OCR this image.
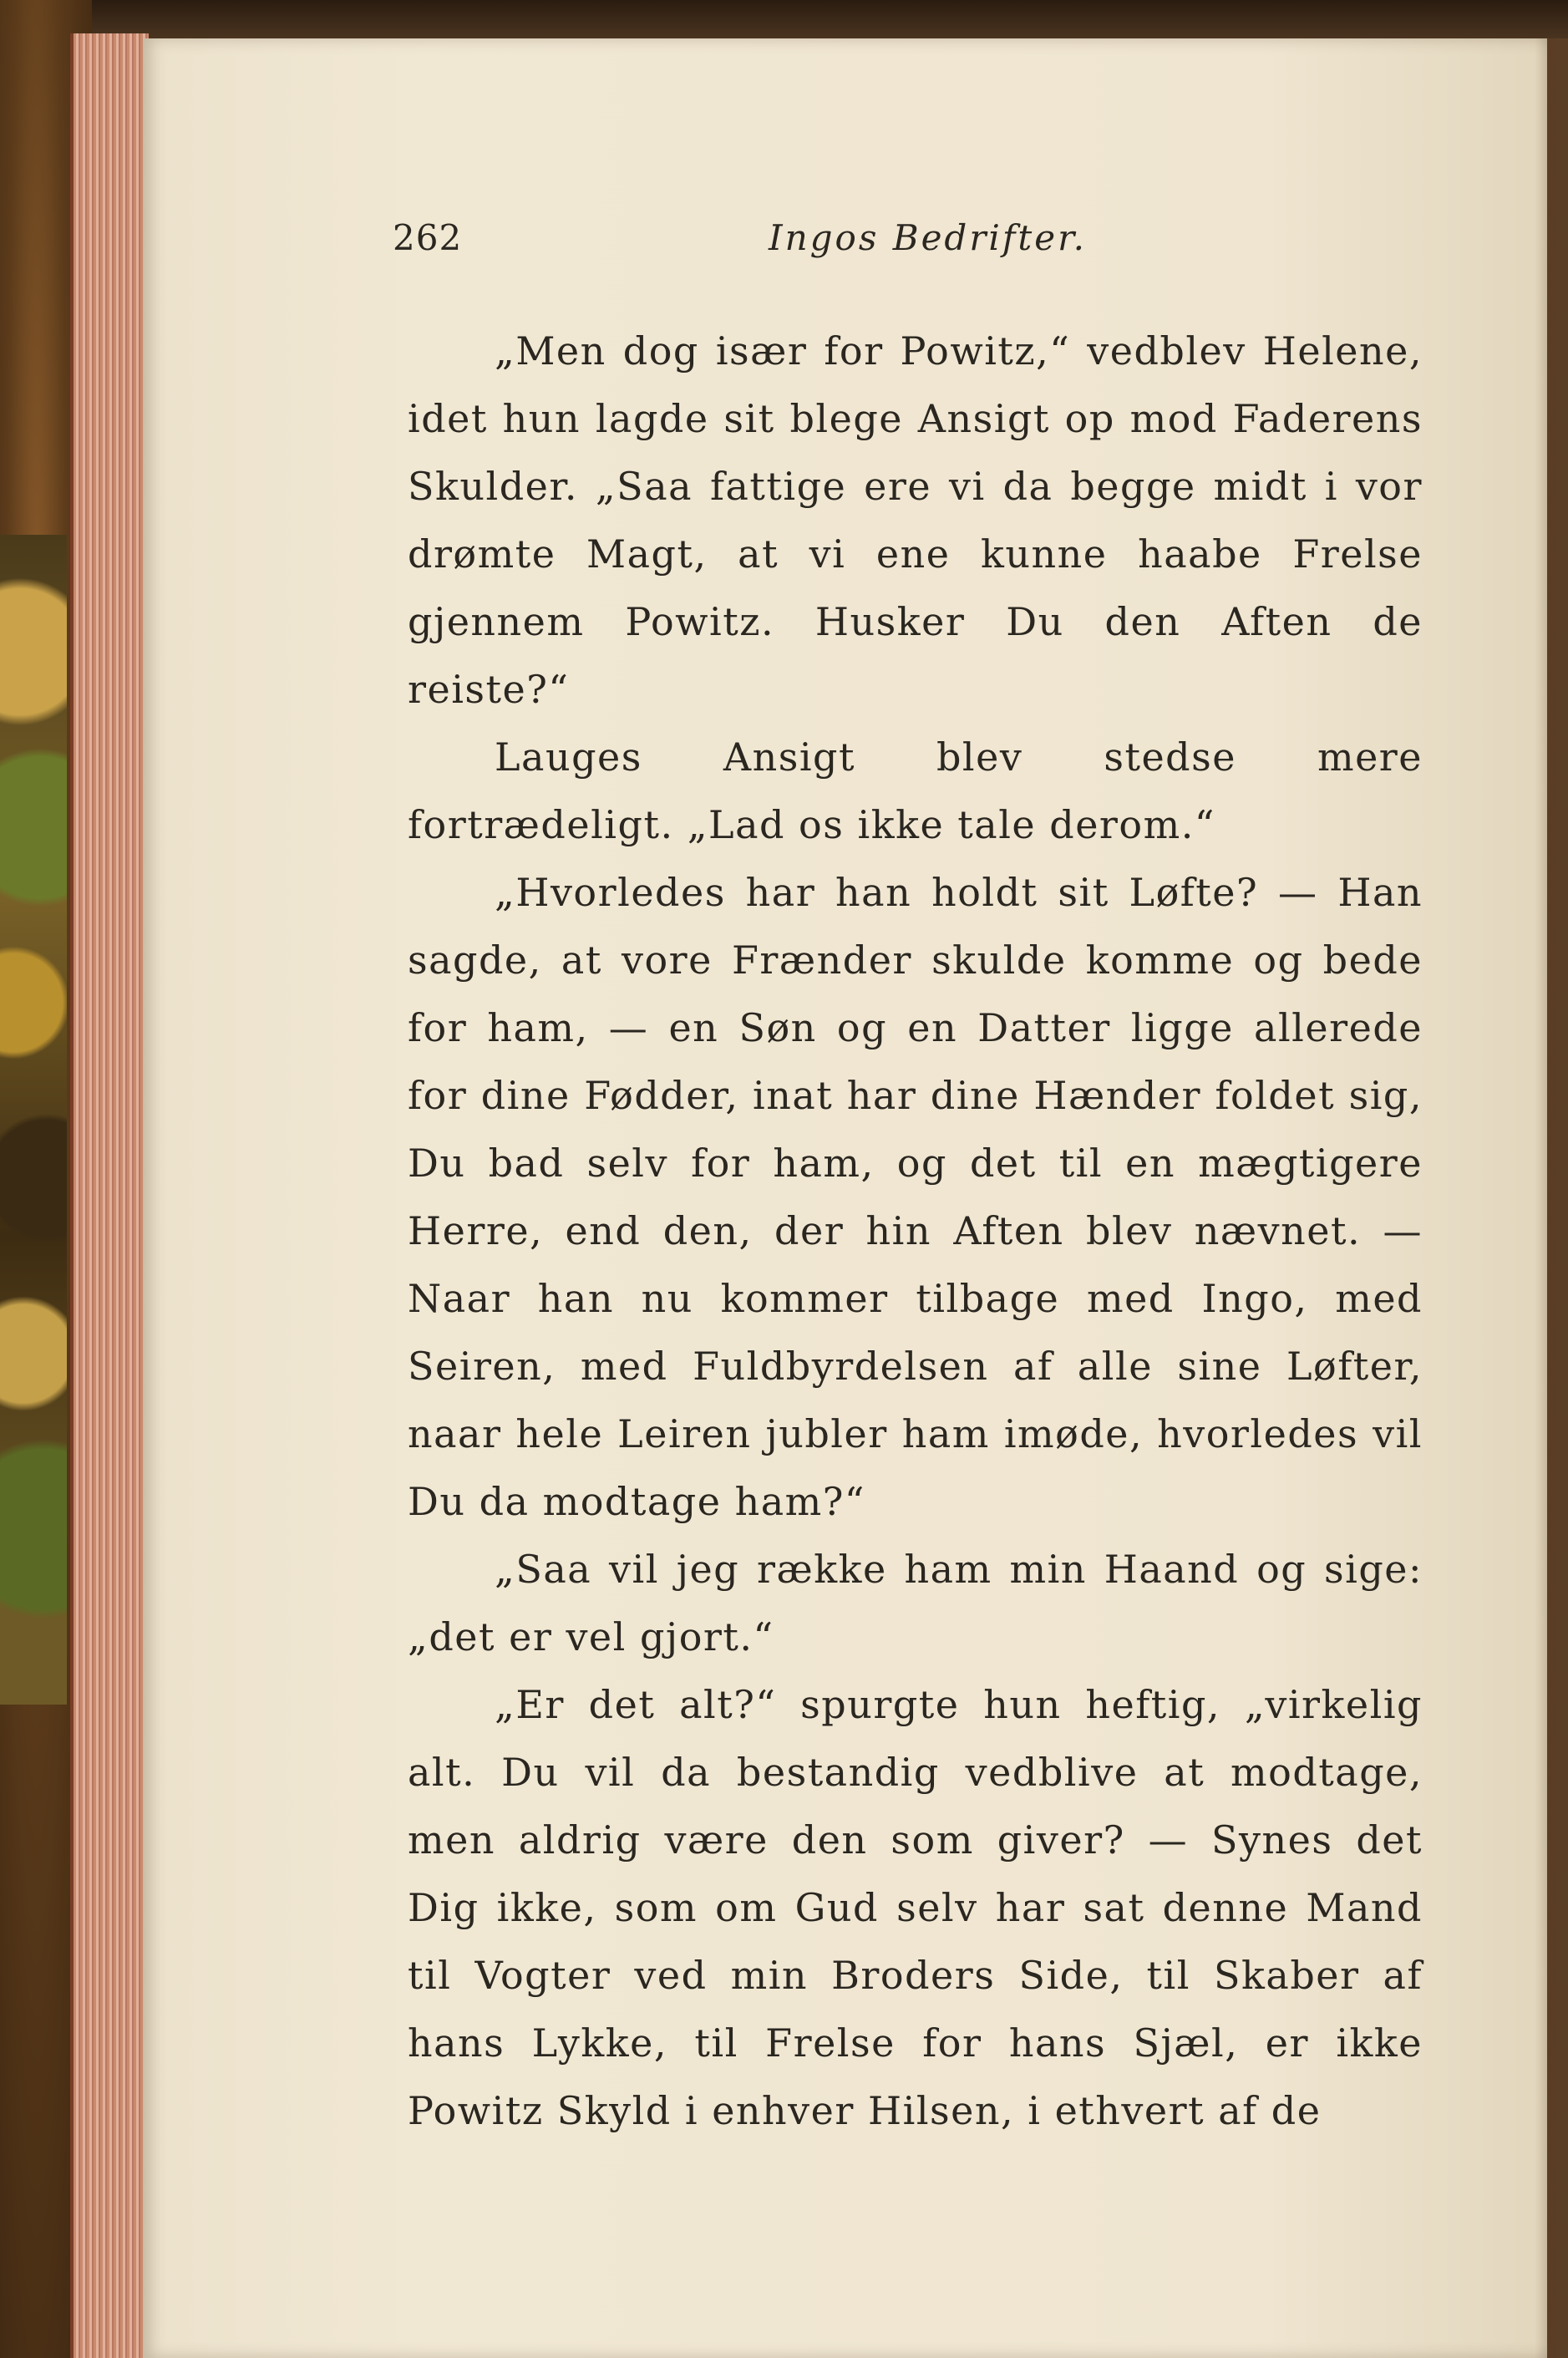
262	Ingos Bedrifter.

„Men dog især for Powitz,“ vedblev Helene, idet hun lagde sit blege Ansigt op mod Faderens Skulder. „Saa fattige ere vi da begge midt i vor drømte Magt, at vi ene kunne haabe Frelse gjennem Powitz. Husker Du den Aften de reiste?“

Lauges Ansigt blev stedse mere fortrædeligt. „Lad os ikke tale derom.“

„Hvorledes har han holdt sit Løfte? — Han sagde, at vore Frænder skulde komme og bede for ham, — en Søn og en Datter ligge allerede for dine Fødder, inat har dine Hænder foldet sig, Du bad selv for ham, og det til en mægtigere Herre, end den, der hin Aften blev nævnet. — Naar han nu kommer tilbage med Ingo, med Seiren, med Fuldbyrdelsen af alle sine Løfter, naar hele Leiren jubler ham imøde, hvorledes vil Du da modtage ham?“

„Saa vil jeg række ham min Haand og sige: „det er vel gjort.“

„Er det alt?“ spurgte hun heftig, „virkelig alt. Du vil da bestandig vedblive at modtage, men aldrig være den som giver? — Synes det Dig ikke, som om Gud selv har sat denne Mand til Vogter ved min Broders Side, til Skaber af hans Lykke, til Frelse for hans Sjæl, er ikke Powitz Skyld i enhver Hilsen, i ethvert af de
